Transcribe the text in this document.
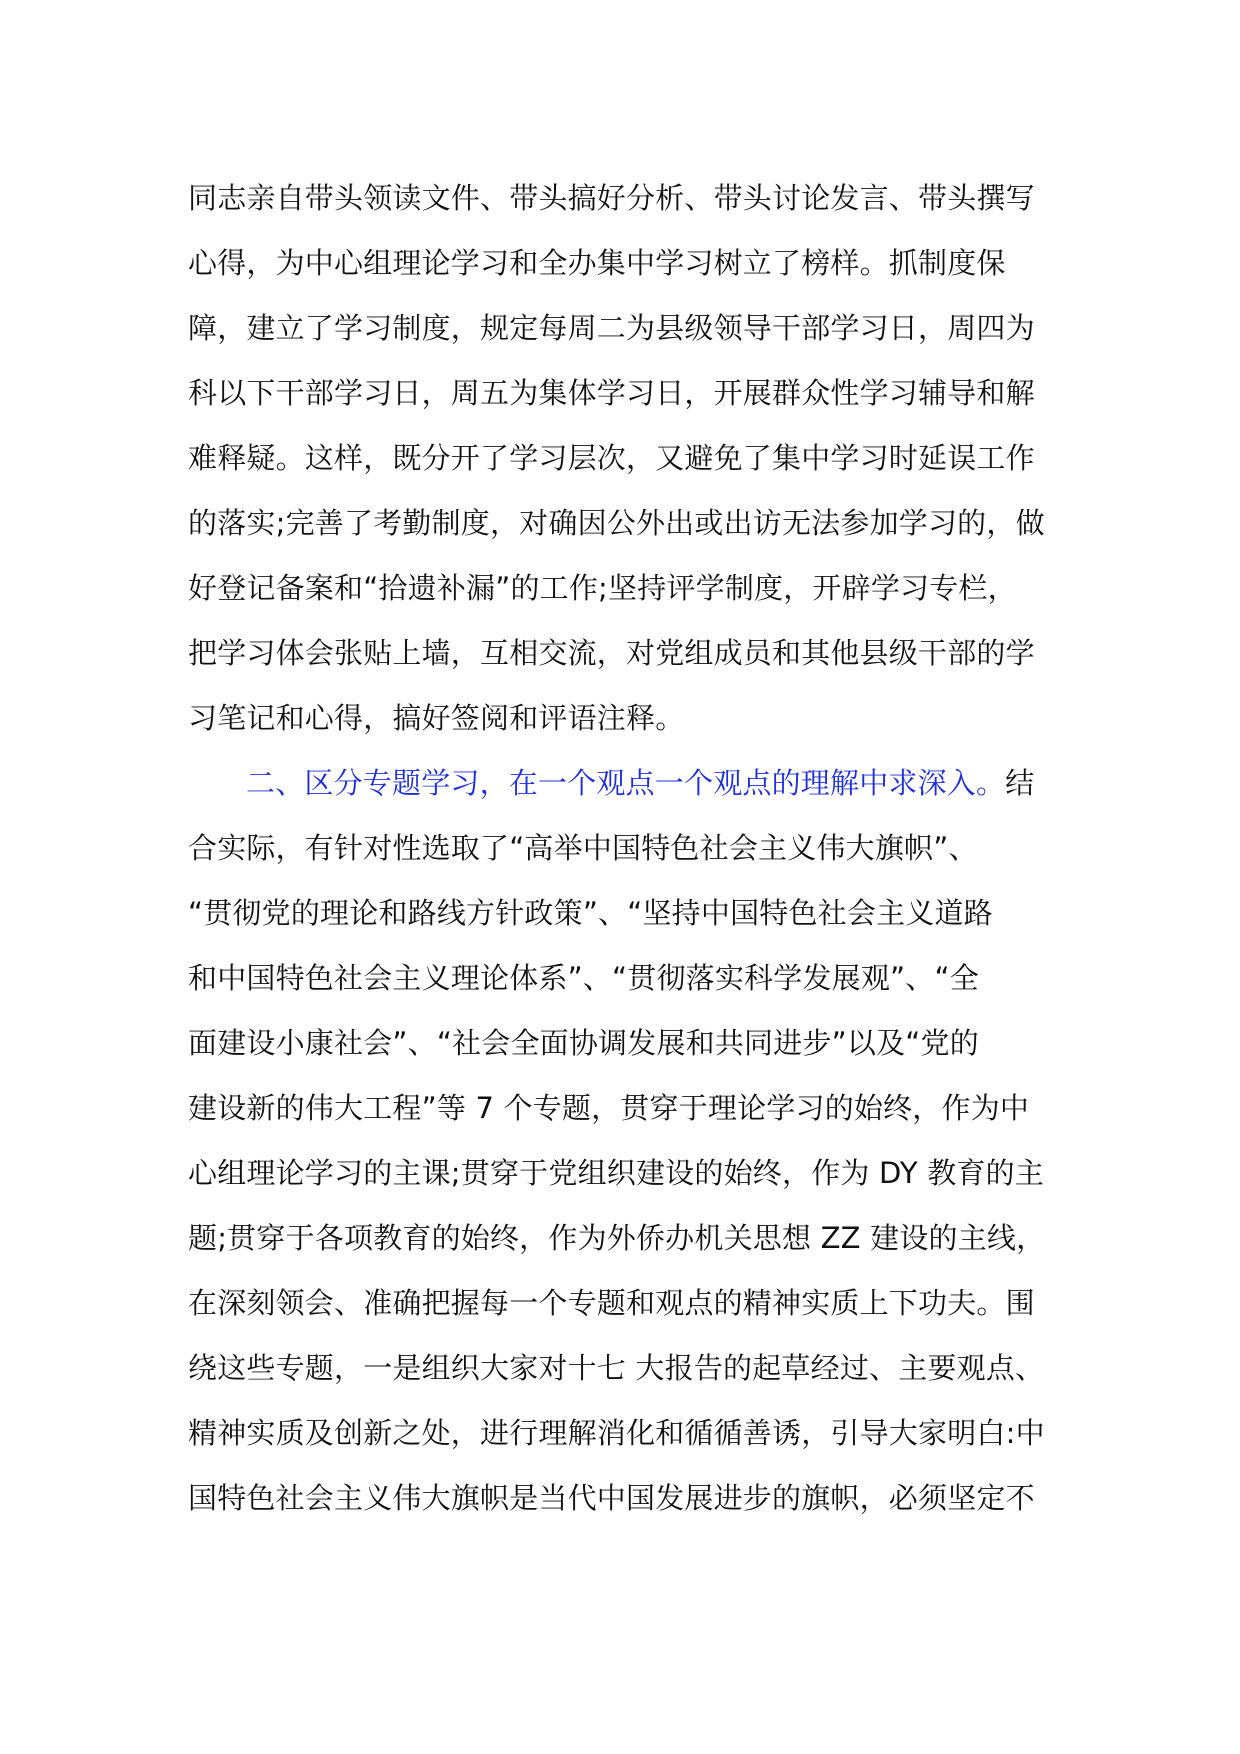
同志亲自带头领读文件、带头搞好分析、带头讨论发言、带头撰写
心得，为中心组理论学习和全办集中学习树立了榜样。抓制度保
障，建立了学习制度，规定每周二为县级领导干部学习日，周四为
科以下干部学习日，周五为集体学习日，开展群众性学习辅导和解
难释疑。这样，既分开了学习层次，又避免了集中学习时延误工作
的落实;完善了考勤制度，对确因公外出或出访无法参加学习的，做
好登记备案和“拾遗补漏”的工作;坚持评学制度，开辟学习专栏，
把学习体会张贴上墙，互相交流，对党组成员和其他县级干部的学
习笔记和心得，搞好签阅和评语注释。
二、区分专题学习，在一个观点一个观点的理解中求深入。结
合实际，有针对性选取了“高举中国特色社会主义伟大旗帜”、
“贯彻党的理论和路线方针政策”、“坚持中国特色社会主义道路
和中国特色社会主义理论体系”、“贯彻落实科学发展观”、“全
面建设小康社会”、“社会全面协调发展和共同进步”以及“党的
建设新的伟大工程”等 7 个专题，贯穿于理论学习的始终，作为中
心组理论学习的主课;贯穿于党组织建设的始终，作为 DY 教育的主
题;贯穿于各项教育的始终，作为外侨办机关思想 ZZ 建设的主线，
在深刻领会、准确把握每一个专题和观点的精神实质上下功夫。围
绕这些专题，一是组织大家对十七 大报告的起草经过、主要观点、
精神实质及创新之处，进行理解消化和循循善诱，引导大家明白:中
国特色社会主义伟大旗帜是当代中国发展进步的旗帜，必须坚定不
